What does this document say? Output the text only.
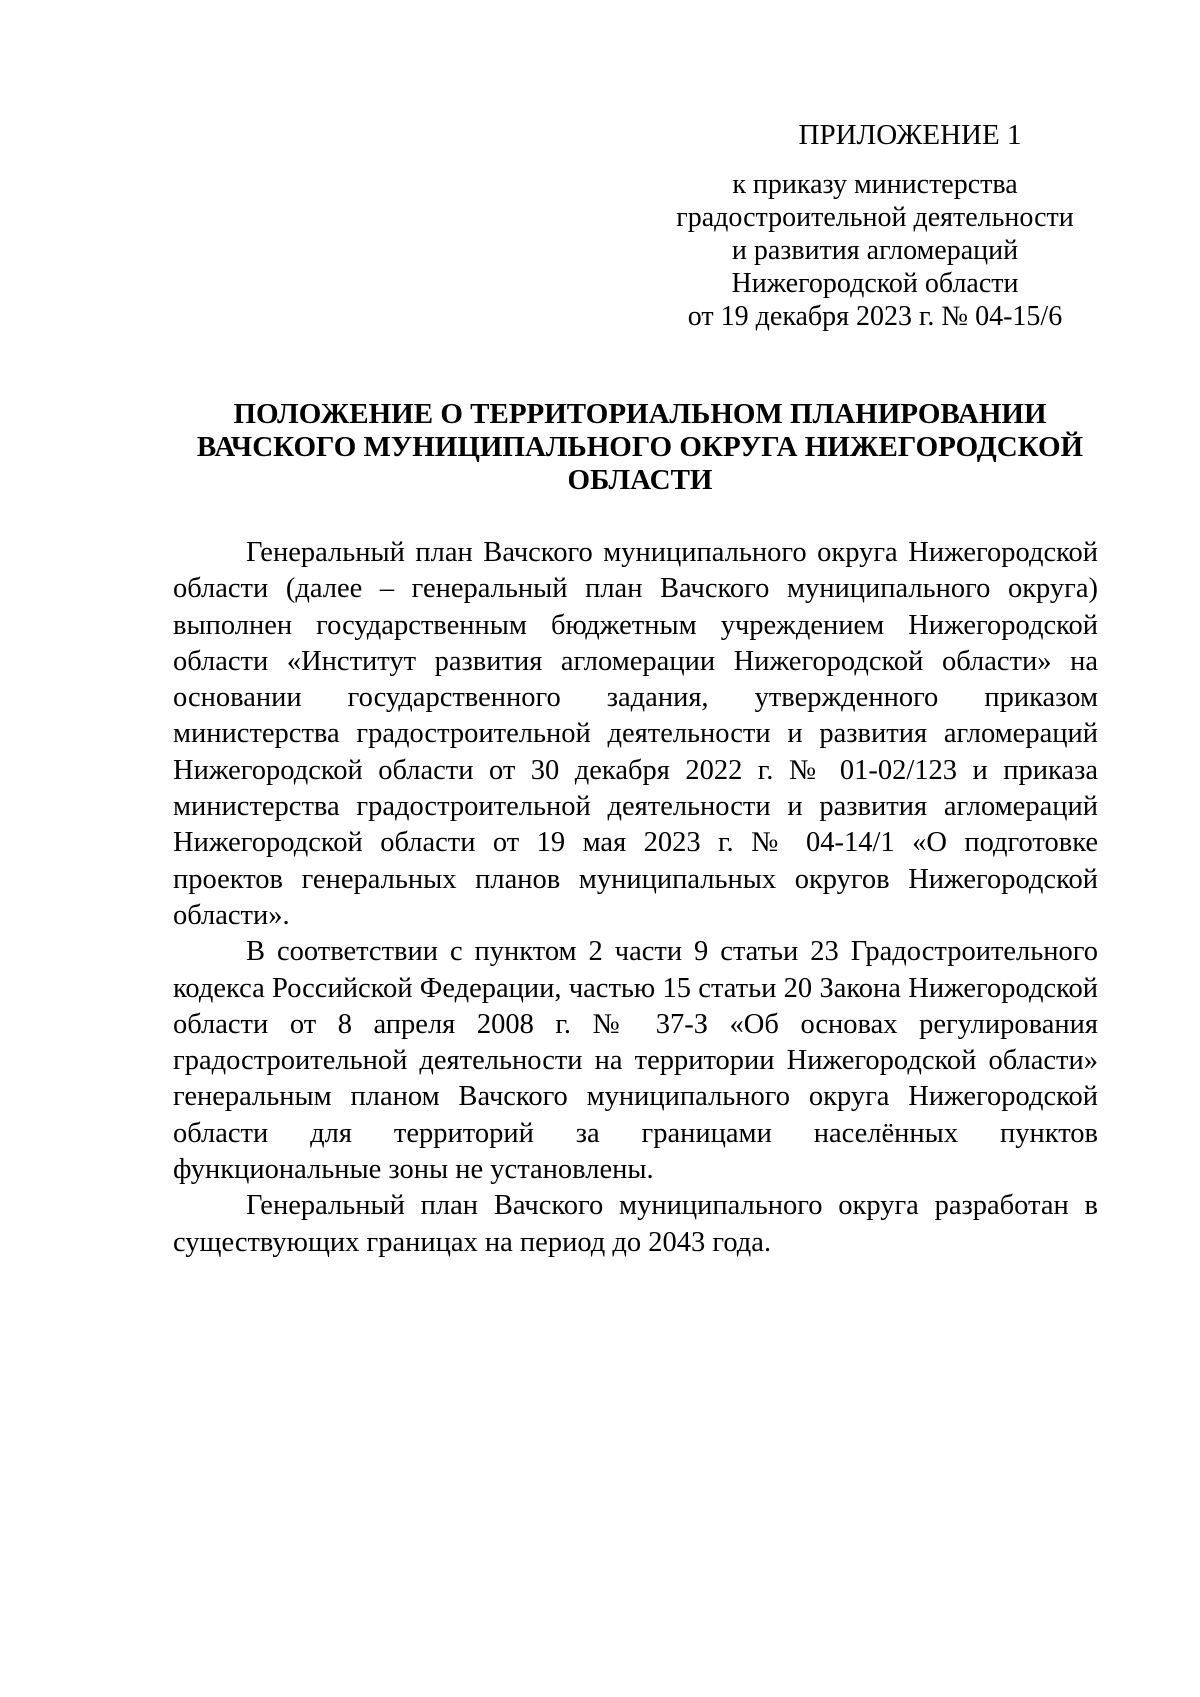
ПРИЛОЖЕНИЕ 1
к приказу министерства
градостроительной деятельности
и развития агломераций
Нижегородской области
от 19 декабря 2023 г. № 04-15/6
ПОЛОЖЕНИЕ О ТЕРРИТОРИАЛЬНОМ ПЛАНИРОВАНИИ
ВАЧСКОГО МУНИЦИПАЛЬНОГО ОКРУГА НИЖЕГОРОДСКОЙ
ОБЛАСТИ

Генеральный план Вачского муниципального округа Нижегородской области (далее – генеральный план Вачского муниципального округа) выполнен государственным бюджетным учреждением Нижегородской области «Институт развития агломерации Нижегородской области» на основании государственного задания, утвержденного приказом министерства градостроительной деятельности и развития агломераций Нижегородской области от 30 декабря 2022 г. № 01-02/123 и приказа министерства градостроительной деятельности и развития агломераций Нижегородской области от 19 мая 2023 г. № 04-14/1 «О подготовке проектов генеральных планов муниципальных округов Нижегородской области».

В соответствии с пунктом 2 части 9 статьи 23 Градостроительного кодекса Российской Федерации, частью 15 статьи 20 Закона Нижегородской области от 8 апреля 2008 г. № 37-З «Об основах регулирования градостроительной деятельности на территории Нижегородской области» генеральным планом Вачского муниципального округа Нижегородской области для территорий за границами населённых пунктов функциональные зоны не установлены.

Генеральный план Вачского муниципального округа разработан в существующих границах на период до 2043 года.
